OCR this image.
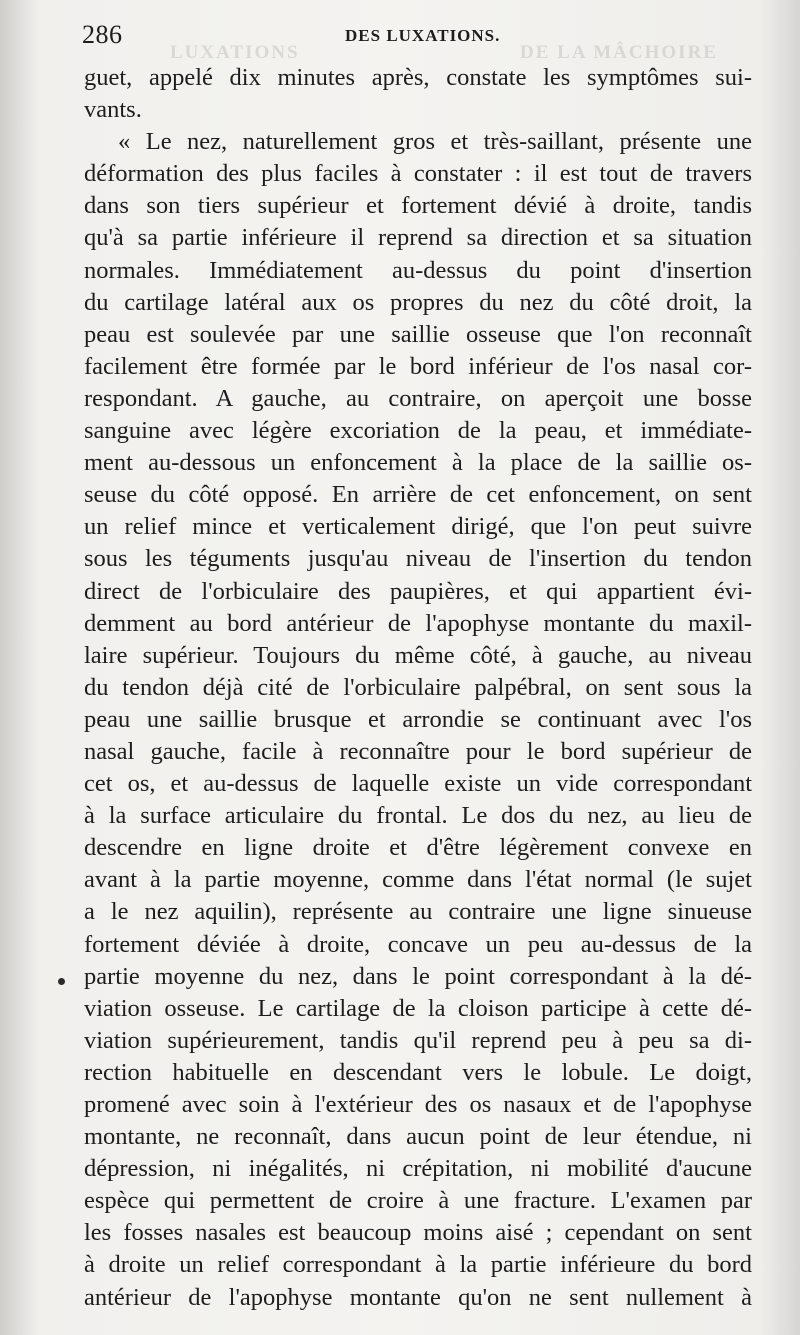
LUXATIONS	DE LA MÂCHOIRE
286	DES LUXATIONS.
guet, appelé dix minutes après, constate les symptômes sui-
vants.
« Le nez, naturellement gros et très-saillant, présente une
déformation des plus faciles à constater : il est tout de travers
dans son tiers supérieur et fortement dévié à droite, tandis
qu'à sa partie inférieure il reprend sa direction et sa situation
normales. Immédiatement au-dessus du point d'insertion
du cartilage latéral aux os propres du nez du côté droit, la
peau est soulevée par une saillie osseuse que l'on reconnaît
facilement être formée par le bord inférieur de l'os nasal cor-
respondant. A gauche, au contraire, on aperçoit une bosse
sanguine avec légère excoriation de la peau, et immédiate-
ment au-dessous un enfoncement à la place de la saillie os-
seuse du côté opposé. En arrière de cet enfoncement, on sent
un relief mince et verticalement dirigé, que l'on peut suivre
sous les téguments jusqu'au niveau de l'insertion du tendon
direct de l'orbiculaire des paupières, et qui appartient évi-
demment au bord antérieur de l'apophyse montante du maxil-
laire supérieur. Toujours du même côté, à gauche, au niveau
du tendon déjà cité de l'orbiculaire palpébral, on sent sous la
peau une saillie brusque et arrondie se continuant avec l'os
nasal gauche, facile à reconnaître pour le bord supérieur de
cet os, et au-dessus de laquelle existe un vide correspondant
à la surface articulaire du frontal. Le dos du nez, au lieu de
descendre en ligne droite et d'être légèrement convexe en
avant à la partie moyenne, comme dans l'état normal (le sujet
a le nez aquilin), représente au contraire une ligne sinueuse
fortement déviée à droite, concave un peu au-dessus de la
partie moyenne du nez, dans le point correspondant à la dé-
viation osseuse. Le cartilage de la cloison participe à cette dé-
viation supérieurement, tandis qu'il reprend peu à peu sa di-
rection habituelle en descendant vers le lobule. Le doigt,
promené avec soin à l'extérieur des os nasaux et de l'apophyse
montante, ne reconnaît, dans aucun point de leur étendue, ni
dépression, ni inégalités, ni crépitation, ni mobilité d'aucune
espèce qui permettent de croire à une fracture. L'examen par
les fosses nasales est beaucoup moins aisé ; cependant on sent
à droite un relief correspondant à la partie inférieure du bord
antérieur de l'apophyse montante qu'on ne sent nullement à
